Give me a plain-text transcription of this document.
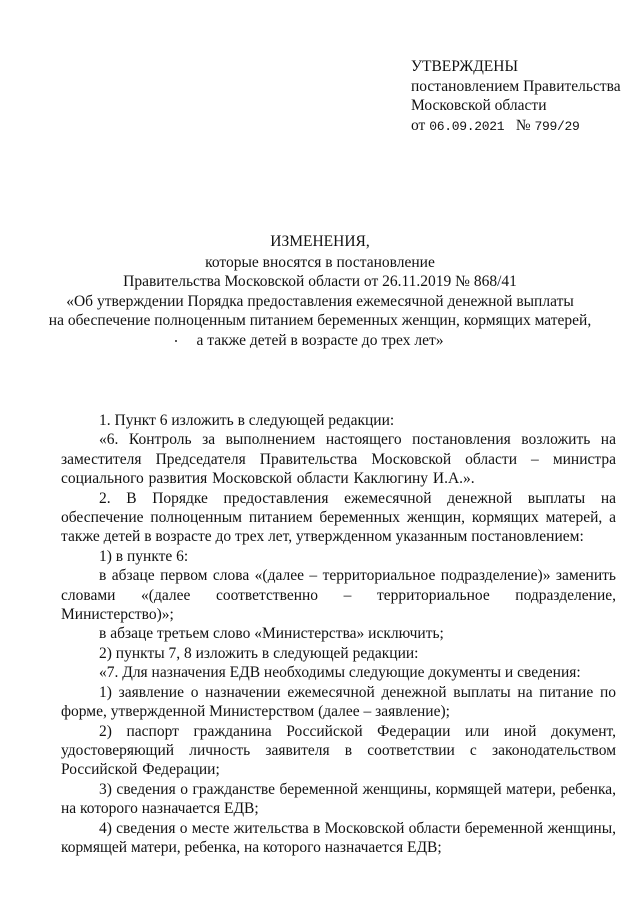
УТВЕРЖДЕНЫ
постановлением Правительства
Московской области
от 06.09.2021 № 799/29
ИЗМЕНЕНИЯ,
которые вносятся в постановление
Правительства Московской области от 26.11.2019 № 868/41
«Об утверждении Порядка предоставления ежемесячной денежной выплаты
на обеспечение полноценным питанием беременных женщин, кормящих матерей,
а также детей в возрасте до трех лет»

1. Пункт 6 изложить в следующей редакции:

«6. Контроль за выполнением настоящего постановления возложить на заместителя Председателя Правительства Московской области – министра социального развития Московской области Каклюгину И.А.».

2. В Порядке предоставления ежемесячной денежной выплаты на обеспечение полноценным питанием беременных женщин, кормящих матерей, а также детей в возрасте до трех лет, утвержденном указанным постановлением:

1) в пункте 6:

в абзаце первом слова «(далее – территориальное подразделение)» заменить словами «(далее соответственно – территориальное подразделение, Министерство)»;

в абзаце третьем слово «Министерства» исключить;

2) пункты 7, 8 изложить в следующей редакции:

«7. Для назначения ЕДВ необходимы следующие документы и сведения:

1) заявление о назначении ежемесячной денежной выплаты на питание по форме, утвержденной Министерством (далее – заявление);

2) паспорт гражданина Российской Федерации или иной документ, удостоверяющий личность заявителя в соответствии с законодательством Российской Федерации;

3) сведения о гражданстве беременной женщины, кормящей матери, ребенка, на которого назначается ЕДВ;

4) сведения о месте жительства в Московской области беременной женщины, кормящей матери, ребенка, на которого назначается ЕДВ;
